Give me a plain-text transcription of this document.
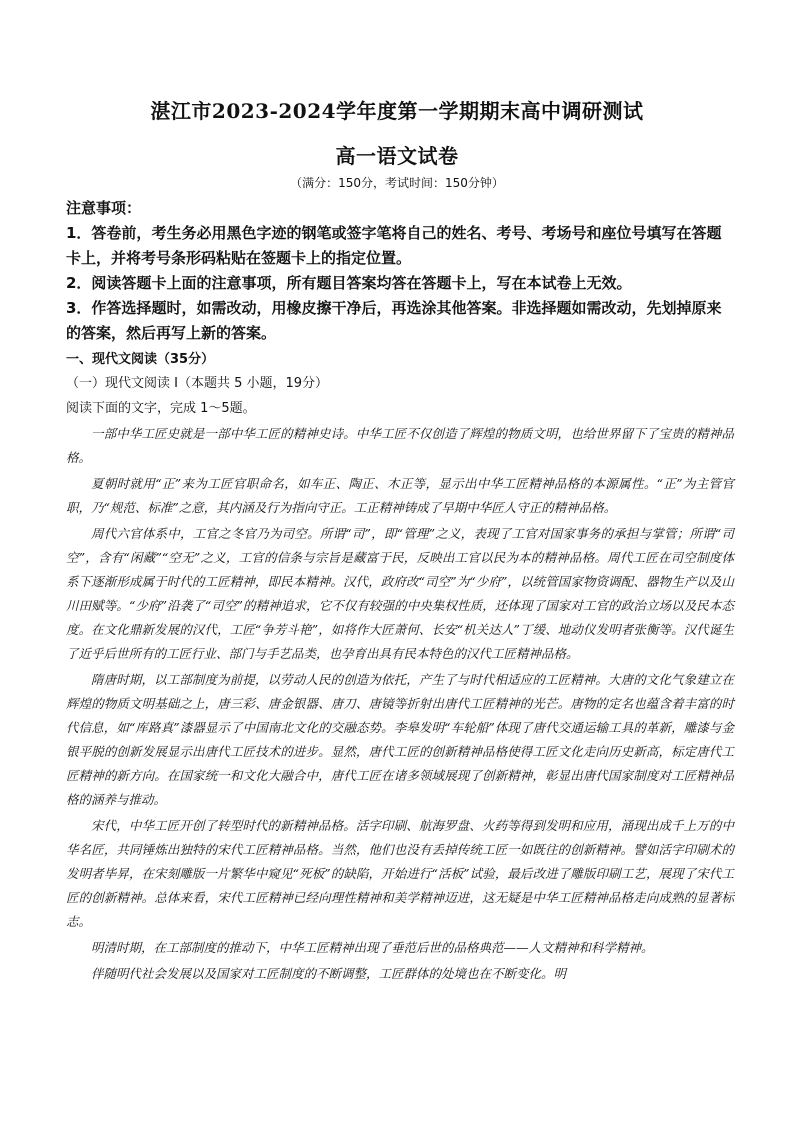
湛江市2023-2024学年度第一学期期末高中调研测试
高一语文试卷

（满分：150分，考试时间：150分钟）

注意事项：

1．答卷前，考生务必用黑色字迹的钢笔或签字笔将自己的姓名、考号、考场号和座位号填写在答题卡上，并将考号条形码粘贴在签题卡上的指定位置。

2．阅读答题卡上面的注意事项，所有题目答案均答在答题卡上，写在本试卷上无效。

3．作答选择题时，如需改动，用橡皮擦干净后，再选涂其他答案。非选择题如需改动，先划掉原来的答案，然后再写上新的答案。

一、现代文阅读（35分）

（一）现代文阅读 I（本题共 5 小题，19分）

阅读下面的文字，完成 1～5题。

一部中华工匠史就是一部中华工匠的精神史诗。中华工匠不仅创造了辉煌的物质文明，也给世界留下了宝贵的精神品格。

夏朝时就用“正”来为工匠官职命名，如车正、陶正、木正等，显示出中华工匠精神品格的本源属性。“正”为主管官职，乃“规范、标准”之意，其内涵及行为指向守正。工正精神铸成了早期中华匠人守正的精神品格。

周代六官体系中，工官之冬官乃为司空。所谓“司”，即“管理”之义，表现了工官对国家事务的承担与掌管；所谓“司空”，含有“闲藏”“空无”之义，工官的信条与宗旨是藏富于民，反映出工官以民为本的精神品格。周代工匠在司空制度体系下逐渐形成属于时代的工匠精神，即民本精神。汉代，政府改“司空”为“少府”，以统管国家物资调配、器物生产以及山川田赋等。“少府”沿袭了“司空”的精神追求，它不仅有较强的中央集权性质，还体现了国家对工官的政治立场以及民本态度。在文化鼎新发展的汉代，工匠“争芳斗艳”，如将作大匠萧何、长安“机关达人”丁缓、地动仪发明者张衡等。汉代诞生了近乎后世所有的工匠行业、部门与手艺品类，也孕育出具有民本特色的汉代工匠精神品格。

隋唐时期，以工部制度为前提，以劳动人民的创造为依托，产生了与时代相适应的工匠精神。大唐的文化气象建立在辉煌的物质文明基础之上，唐三彩、唐金银器、唐刀、唐镜等折射出唐代工匠精神的光芒。唐物的定名也蕴含着丰富的时代信息，如“库路真”漆器显示了中国南北文化的交融态势。李皋发明“车轮船”体现了唐代交通运输工具的革新，雕漆与金银平脱的创新发展显示出唐代工匠技术的进步。显然，唐代工匠的创新精神品格使得工匠文化走向历史新高，标定唐代工匠精神的新方向。在国家统一和文化大融合中，唐代工匠在诸多领域展现了创新精神，彰显出唐代国家制度对工匠精神品格的涵养与推动。

宋代，中华工匠开创了转型时代的新精神品格。活字印刷、航海罗盘、火药等得到发明和应用，涌现出成千上万的中华名匠，共同锤炼出独特的宋代工匠精神品格。当然，他们也没有丢掉传统工匠一如既往的创新精神。譬如活字印刷术的发明者毕昇，在宋刻雕版一片繁华中窥见“死板”的缺陷，开始进行“活板”试验，最后改进了雕版印刷工艺，展现了宋代工匠的创新精神。总体来看，宋代工匠精神已经向理性精神和美学精神迈进，这无疑是中华工匠精神品格走向成熟的显著标志。

明清时期，在工部制度的推动下，中华工匠精神出现了垂范后世的品格典范——人文精神和科学精神。

伴随明代社会发展以及国家对工匠制度的不断调整，工匠群体的处境也在不断变化。明
